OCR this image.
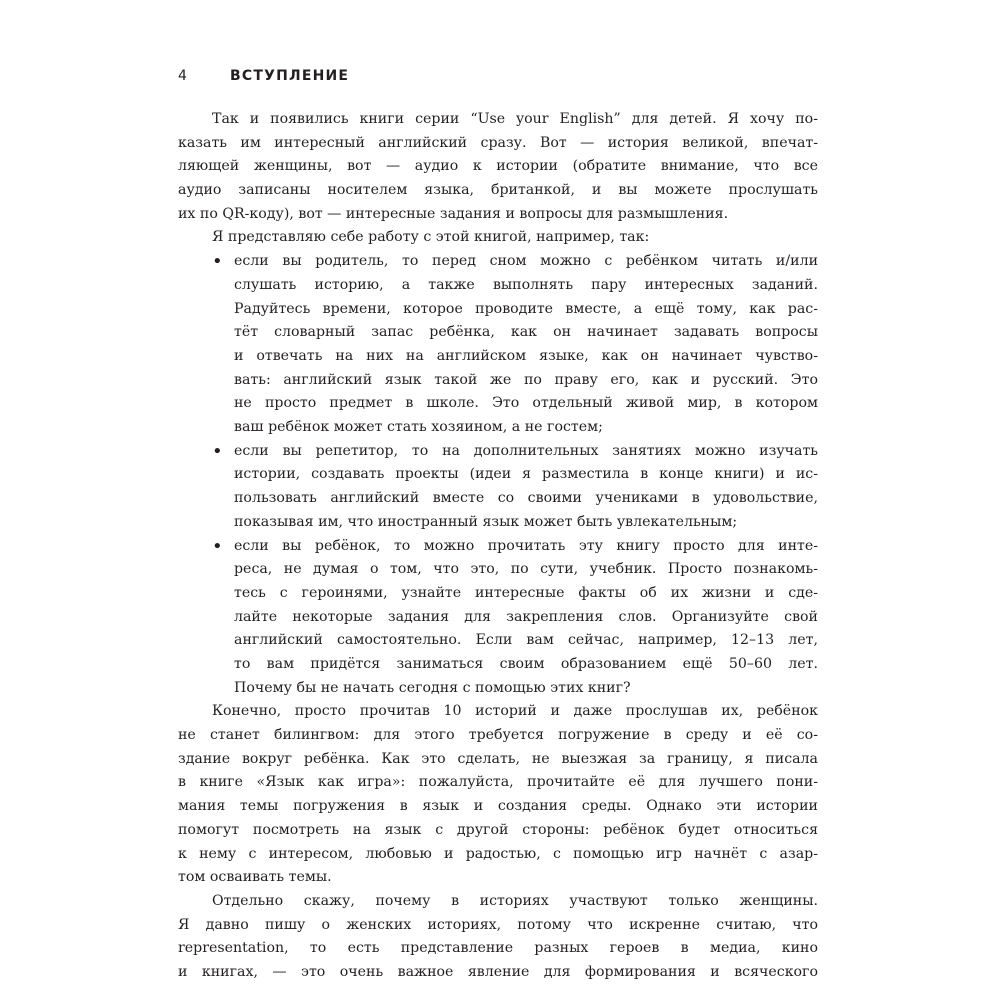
4	ВСТУПЛЕНИЕ
Так и появились книги серии “Use your English” для детей. Я хочу по-
казать им интересный английский сразу. Вот — история великой, впечат-
ляющей женщины, вот — аудио к истории (обратите внимание, что все
аудио записаны носителем языка, британкой, и вы можете прослушать
их по QR-коду), вот — интересные задания и вопросы для размышления.
Я представляю себе работу с этой книгой, например, так:
• если вы родитель, то перед сном можно с ребёнком читать и/или
слушать историю, а также выполнять пару интересных заданий.
Радуйтесь времени, которое проводите вместе, а ещё тому, как рас-
тёт словарный запас ребёнка, как он начинает задавать вопросы
и отвечать на них на английском языке, как он начинает чувство-
вать: английский язык такой же по праву его, как и русский. Это
не просто предмет в школе. Это отдельный живой мир, в котором
ваш ребёнок может стать хозяином, а не гостем;
• если вы репетитор, то на дополнительных занятиях можно изучать
истории, создавать проекты (идеи я разместила в конце книги) и ис-
пользовать английский вместе со своими учениками в удовольствие,
показывая им, что иностранный язык может быть увлекательным;
• если вы ребёнок, то можно прочитать эту книгу просто для инте-
реса, не думая о том, что это, по сути, учебник. Просто познакомь-
тесь с героинями, узнайте интересные факты об их жизни и сде-
лайте некоторые задания для закрепления слов. Организуйте свой
английский самостоятельно. Если вам сейчас, например, 12–13 лет,
то вам придётся заниматься своим образованием ещё 50–60 лет.
Почему бы не начать сегодня с помощью этих книг?
Конечно, просто прочитав 10 историй и даже прослушав их, ребёнок
не станет билингвом: для этого требуется погружение в среду и её со-
здание вокруг ребёнка. Как это сделать, не выезжая за границу, я писала
в книге «Язык как игра»: пожалуйста, прочитайте её для лучшего пони-
мания темы погружения в язык и создания среды. Однако эти истории
помогут посмотреть на язык с другой стороны: ребёнок будет относиться
к нему с интересом, любовью и радостью, с помощью игр начнёт с азар-
том осваивать темы.
Отдельно скажу, почему в историях участвуют только женщины.
Я давно пишу о женских историях, потому что искренне считаю, что
representation, то есть представление разных героев в медиа, кино
и книгах, — это очень важное явление для формирования и всяческого
